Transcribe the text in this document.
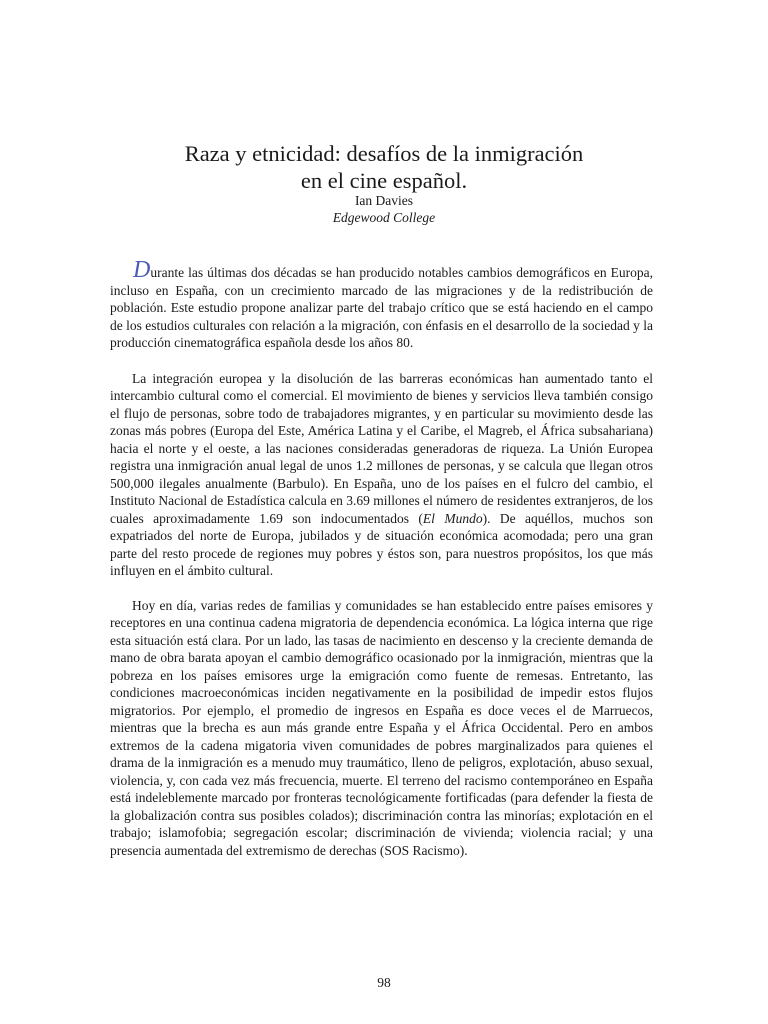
Raza y etnicidad: desafíos de la inmigración
en el cine español.

Ian Davies

Edgewood College

Durante las últimas dos décadas se han producido notables cambios demográficos en Europa, incluso en España, con un crecimiento marcado de las migraciones y de la redistribución de población. Este estudio propone analizar parte del trabajo crítico que se está haciendo en el campo de los estudios culturales con relación a la migración, con énfasis en el desarrollo de la sociedad y la producción cinematográfica española desde los años 80.

La integración europea y la disolución de las barreras económicas han aumentado tanto el intercambio cultural como el comercial. El movimiento de bienes y servicios lleva también consigo el flujo de personas, sobre todo de trabajadores migrantes, y en particular su movimiento desde las zonas más pobres (Europa del Este, América Latina y el Caribe, el Magreb, el África subsahariana) hacia el norte y el oeste, a las naciones consideradas generadoras de riqueza. La Unión Europea registra una inmigración anual legal de unos 1.2 millones de personas, y se calcula que llegan otros 500,000 ilegales anualmente (Barbulo). En España, uno de los países en el fulcro del cambio, el Instituto Nacional de Estadística calcula en 3.69 millones el número de residentes extranjeros, de los cuales aproximadamente 1.69 son indocumentados (El Mundo). De aquéllos, muchos son expatriados del norte de Europa, jubilados y de situación económica acomodada; pero una gran parte del resto procede de regiones muy pobres y éstos son, para nuestros propósitos, los que más influyen en el ámbito cultural.

Hoy en día, varias redes de familias y comunidades se han establecido entre países emisores y receptores en una continua cadena migratoria de dependencia económica. La lógica interna que rige esta situación está clara. Por un lado, las tasas de nacimiento en descenso y la creciente demanda de mano de obra barata apoyan el cambio demográfico ocasionado por la inmigración, mientras que la pobreza en los países emisores urge la emigración como fuente de remesas. Entretanto, las condiciones macroeconómicas inciden negativamente en la posibilidad de impedir estos flujos migratorios. Por ejemplo, el promedio de ingresos en España es doce veces el de Marruecos, mientras que la brecha es aun más grande entre España y el África Occidental. Pero en ambos extremos de la cadena migatoria viven comunidades de pobres marginalizados para quienes el drama de la inmigración es a menudo muy traumático, lleno de peligros, explotación, abuso sexual, violencia, y, con cada vez más frecuencia, muerte. El terreno del racismo contemporáneo en España está indeleblemente marcado por fronteras tecnológicamente fortificadas (para defender la fiesta de la globalización contra sus posibles colados); discriminación contra las minorías; explotación en el trabajo; islamofobia; segregación escolar; discriminación de vivienda; violencia racial; y una presencia aumentada del extremismo de derechas (SOS Racismo).

98
